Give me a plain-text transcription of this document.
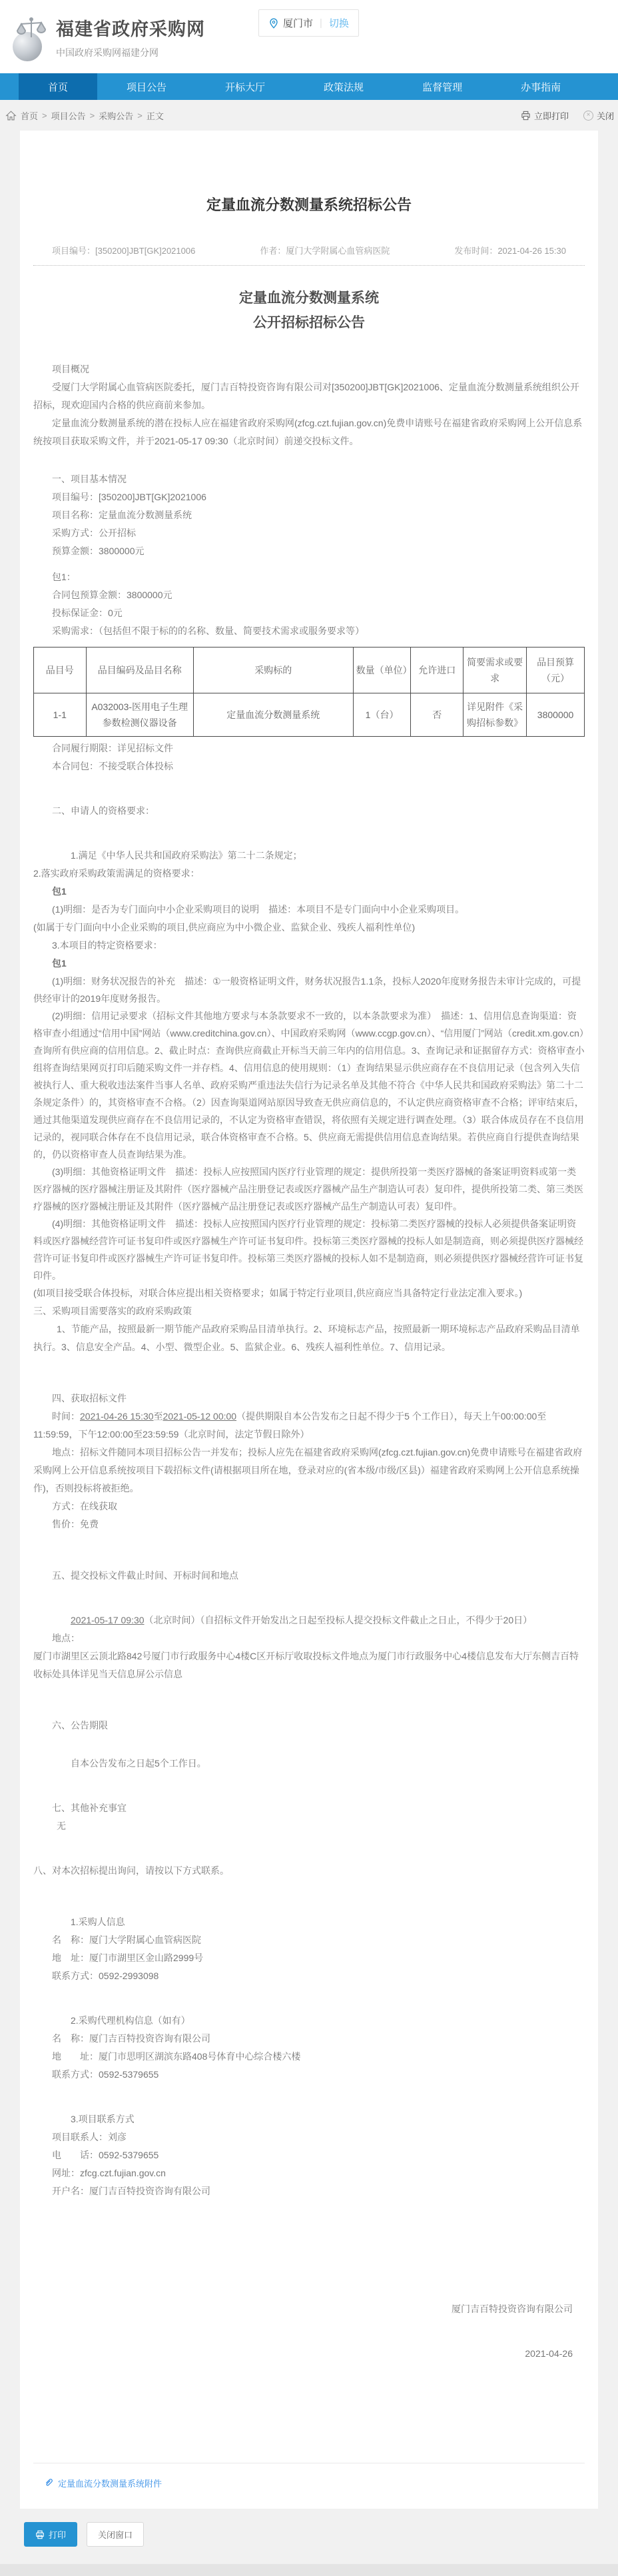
福建省政府采购网
中国政府采购网福建分网
厦门市 | 切换
首页	项目公告	开标大厅	政策法规	监督管理	办事指南
首页 > 项目公告 > 采购公告 > 正文	立即打印	× 关闭
定量血流分数测量系统招标公告
项目编号：[350200]JBT[GK]2021006	作者：厦门大学附属心血管病医院	发布时间：2021-04-26 15:30
定量血流分数测量系统
公开招标招标公告

项目概况

受厦门大学附属心血管病医院委托，厦门吉百特投资咨询有限公司对[350200]JBT[GK]2021006、定量血流分数测量系统组织公开招标，现欢迎国内合格的供应商前来参加。

定量血流分数测量系统的潜在投标人应在福建省政府采购网(zfcg.czt.fujian.gov.cn)免费申请账号在福建省政府采购网上公开信息系统按项目获取采购文件，并于2021-05-17 09:30（北京时间）前递交投标文件。

一、项目基本情况

项目编号：[350200]JBT[GK]2021006

项目名称：定量血流分数测量系统

采购方式：公开招标

预算金额：3800000元

包1：

合同包预算金额：3800000元

投标保证金：0元

采购需求：（包括但不限于标的的名称、数量、简要技术需求或服务要求等）

品目号	品目编码及品目名称	采购标的	数量（单位）	允许进口	简要需求或要求	品目预算（元）
1-1	A032003-医用电子生理参数检测仪器设备	定量血流分数测量系统	1（台）	否	详见附件《采购招标参数》	3800000

合同履行期限：详见招标文件

本合同包：不接受联合体投标

二、申请人的资格要求：

1.满足《中华人民共和国政府采购法》第二十二条规定；

2.落实政府采购政策需满足的资格要求：

包1

(1)明细：是否为专门面向中小企业采购项目的说明　描述：本项目不是专门面向中小企业采购项目。

(如属于专门面向中小企业采购的项目,供应商应为中小微企业、监狱企业、残疾人福利性单位)

3.本项目的特定资格要求：

包1

(1)明细：财务状况报告的补充　描述：①一般资格证明文件，财务状况报告1.1条，投标人2020年度财务报告未审计完成的，可提供经审计的2019年度财务报告。

(2)明细：信用记录要求（招标文件其他地方要求与本条款要求不一致的，以本条款要求为准）　描述：1、信用信息查询渠道：资格审查小组通过“信用中国”网站（www.creditchina.gov.cn）、中国政府采购网（www.ccgp.gov.cn）、“信用厦门”网站（credit.xm.gov.cn）查询所有供应商的信用信息。2、截止时点：查询供应商截止开标当天前三年内的信用信息。3、查询记录和证据留存方式：资格审查小组将查询结果网页打印后随采购文件一并存档。4、信用信息的使用规则：（1）查询结果显示供应商存在不良信用记录（包含列入失信被执行人、重大税收违法案件当事人名单、政府采购严重违法失信行为记录名单及其他不符合《中华人民共和国政府采购法》第二十二条规定条件）的，其资格审查不合格。（2）因查询渠道网站原因导致查无供应商信息的，不认定供应商资格审查不合格；评审结束后，通过其他渠道发现供应商存在不良信用记录的，不认定为资格审查错误，将依照有关规定进行调查处理。（3）联合体成员存在不良信用记录的，视同联合体存在不良信用记录，联合体资格审查不合格。5、供应商无需提供信用信息查询结果。若供应商自行提供查询结果的，仍以资格审查人员查询结果为准。

(3)明细：其他资格证明文件　描述：投标人应按照国内医疗行业管理的规定：提供所投第一类医疗器械的备案证明资料或第一类医疗器械的医疗器械注册证及其附件（医疗器械产品注册登记表或医疗器械产品生产制造认可表）复印件，提供所投第二类、第三类医疗器械的医疗器械注册证及其附件（医疗器械产品注册登记表或医疗器械产品生产制造认可表）复印件。

(4)明细：其他资格证明文件　描述：投标人应按照国内医疗行业管理的规定：投标第二类医疗器械的投标人必须提供备案证明资料或医疗器械经营许可证书复印件或医疗器械生产许可证书复印件。投标第三类医疗器械的投标人如是制造商，则必须提供医疗器械经营许可证书复印件或医疗器械生产许可证书复印件。投标第三类医疗器械的投标人如不是制造商，则必须提供医疗器械经营许可证书复印件。

(如项目接受联合体投标，对联合体应提出相关资格要求；如属于特定行业项目,供应商应当具备特定行业法定准入要求。)

三、采购项目需要落实的政府采购政策

1、节能产品，按照最新一期节能产品政府采购品目清单执行。2、环境标志产品，按照最新一期环境标志产品政府采购品目清单执行。3、信息安全产品。4、小型、微型企业。5、监狱企业。6、残疾人福利性单位。7、信用记录。

四、获取招标文件

时间：2021-04-26 15:30至2021-05-12 00:00（提供期限自本公告发布之日起不得少于5 个工作日），每天上午00:00:00至11:59:59，下午12:00:00至23:59:59（北京时间，法定节假日除外）

地点：招标文件随同本项目招标公告一并发布；投标人应先在福建省政府采购网(zfcg.czt.fujian.gov.cn)免费申请账号在福建省政府采购网上公开信息系统按项目下载招标文件(请根据项目所在地，登录对应的(省本级/市级/区县)）福建省政府采购网上公开信息系统操作)，否则投标将被拒绝。

方式：在线获取

售价：免费

五、提交投标文件截止时间、开标时间和地点

2021-05-17 09:30（北京时间）（自招标文件开始发出之日起至投标人提交投标文件截止之日止，不得少于20日）

地点：

厦门市湖里区云顶北路842号厦门市行政服务中心4楼C区开标厅收取投标文件地点为厦门市行政服务中心4楼信息发布大厅东侧吉百特收标处具体详见当天信息屏公示信息

六、公告期限

自本公告发布之日起5个工作日。

七、其他补充事宜

无

八、对本次招标提出询问，请按以下方式联系。

1.采购人信息

名　称：厦门大学附属心血管病医院

地　址：厦门市湖里区金山路2999号

联系方式：0592-2993098

2.采购代理机构信息（如有）

名　称：厦门吉百特投资咨询有限公司

地　　址：厦门市思明区湖滨东路408号体育中心综合楼六楼

联系方式：0592-5379655

3.项目联系方式

项目联系人：刘彦

电　　话：0592-5379655

网址：zfcg.czt.fujian.gov.cn

开户名：厦门吉百特投资咨询有限公司

厦门吉百特投资咨询有限公司

2021-04-26

定量血流分数测量系统附件
打印	关闭窗口
